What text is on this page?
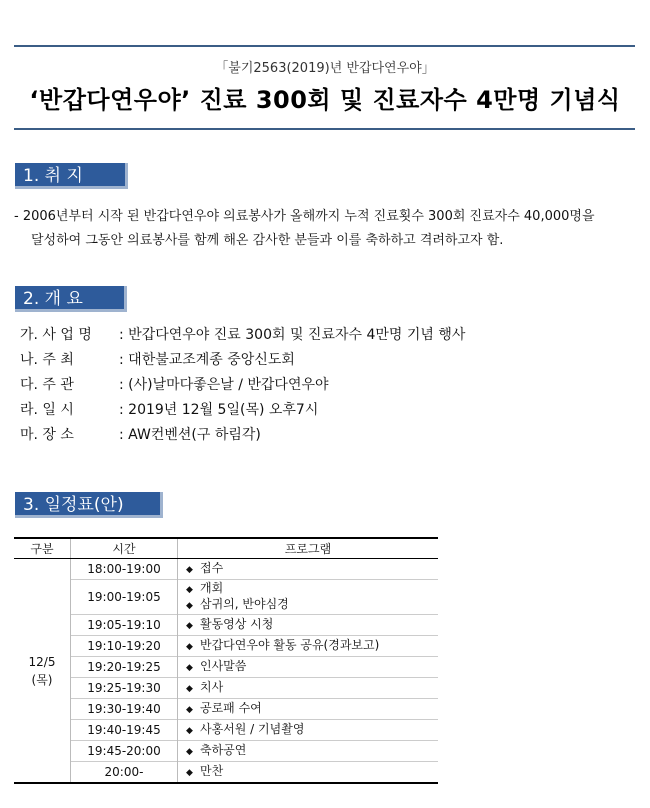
「불기2563(2019)년 반갑다연우야」
‘반갑다연우야’ 진료 300회 및 진료자수 4만명 기념식
1. 취 지
- 2006년부터 시작 된 반갑다연우야 의료봉사가 올해까지 누적 진료횟수 300회 진료자수 40,000명을
달성하여 그동안 의료봉사를 함께 해온 감사한 분들과 이를 축하하고 격려하고자 함.
2. 개 요
가. 사 업 명 : 반갑다연우야 진료 300회 및 진료자수 4만명 기념 행사
나. 주 최	: 대한불교조계종 중앙신도회
다. 주 관	: (사)날마다좋은날 / 반갑다연우야
라. 일 시	: 2019년 12월 5일(목) 오후7시
마. 장 소	: AW컨벤션(구 하림각)
3. 일정표(안)
구분	시간	프로그램

12/5
(목)	18:00-19:00	◆ 접수
	19:00-19:05	◆ 개회
◆ 삼귀의, 반야심경

	19:05-19:10	◆ 활동영상 시청
	19:10-19:20	◆ 반갑다연우야 활동 공유(경과보고)
	19:20-19:25	◆ 인사말씀
	19:25-19:30	◆ 치사
	19:30-19:40	◆ 공로패 수여
	19:40-19:45	◆ 사홍서원 / 기념촬영
	19:45-20:00	◆ 축하공연
	20:00-	◆ 만찬
